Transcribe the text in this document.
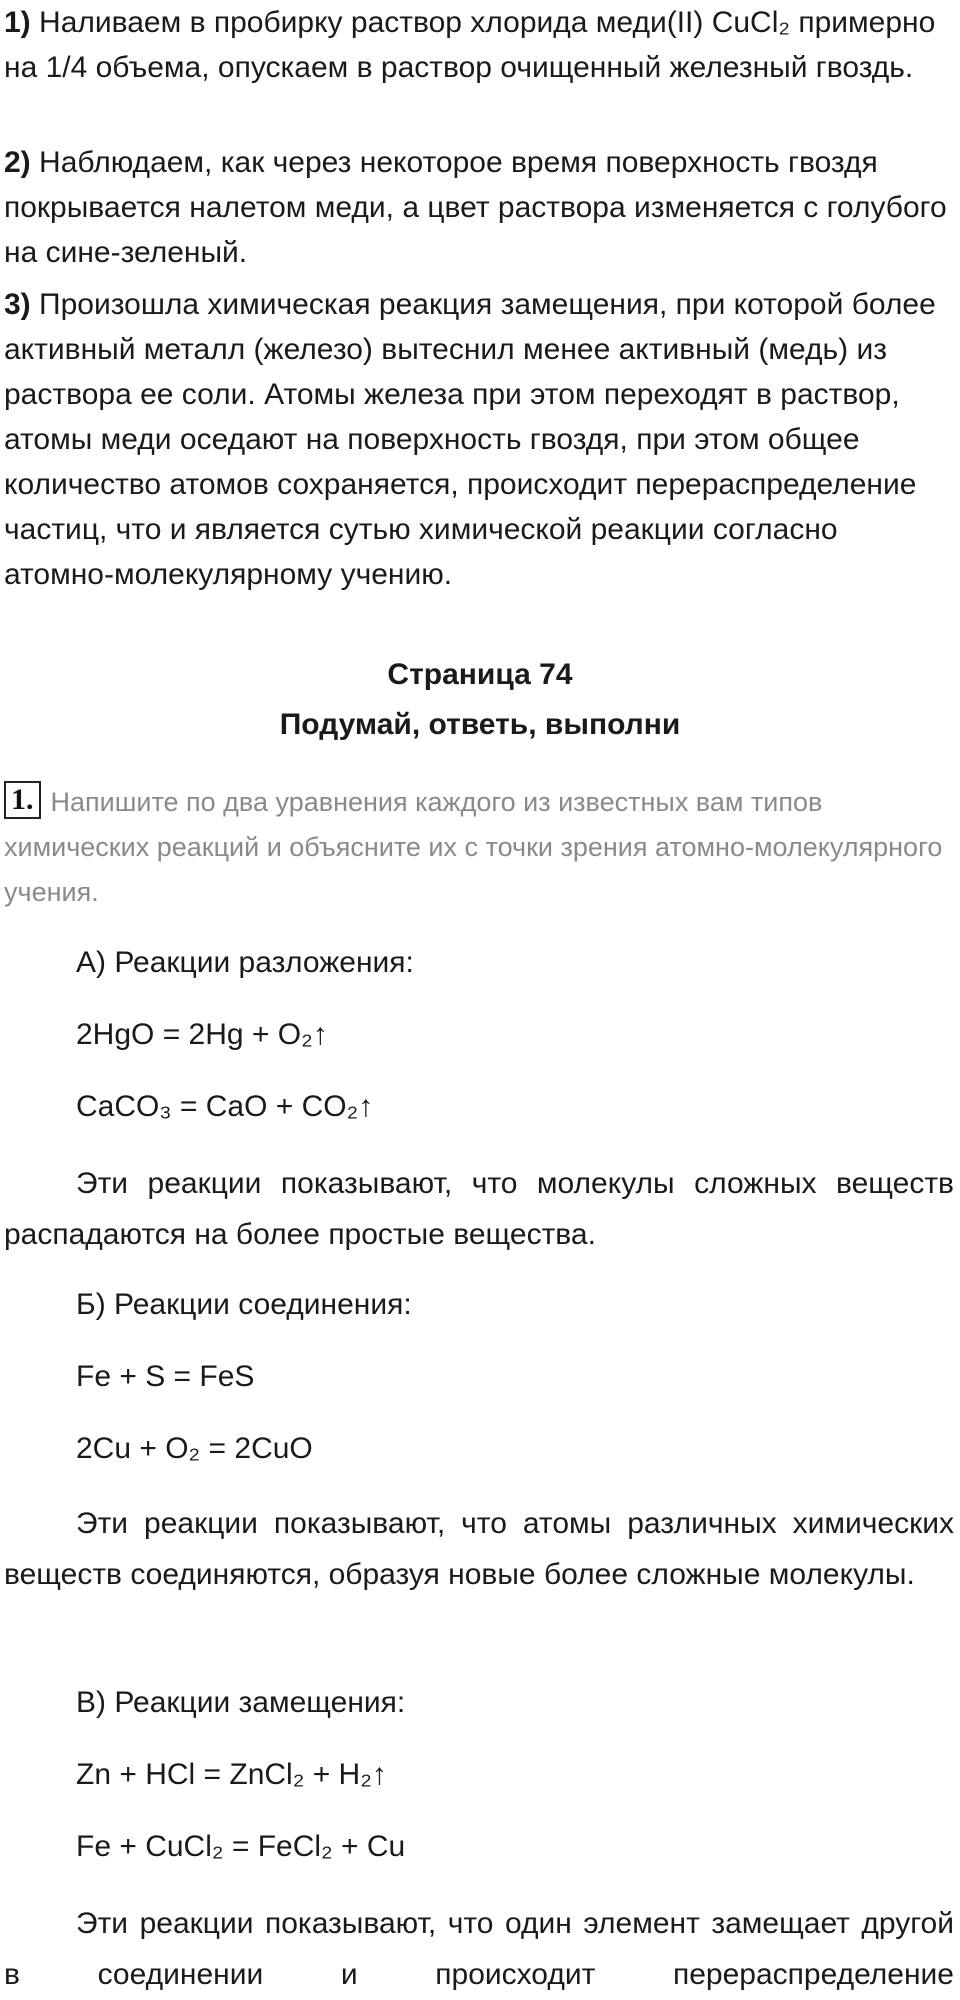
1) Наливаем в пробирку раствор хлорида меди(II) CuCl₂ примерно на 1/4 объема, опускаем в раствор очищенный железный гвоздь.

2) Наблюдаем, как через некоторое время поверхность гвоздя покрывается налетом меди, а цвет раствора изменяется с голубого на сине-зеленый.

3) Произошла химическая реакция замещения, при которой более активный металл (железо) вытеснил менее активный (медь) из раствора ее соли. Атомы железа при этом переходят в раствор, атомы меди оседают на поверхность гвоздя, при этом общее количество атомов сохраняется, происходит перераспределение частиц, что и является сутью химической реакции согласно атомно-молекулярному учению.

Страница 74
Подумай, ответь, выполни
1. Напишите по два уравнения каждого из известных вам типов химических реакций и объясните их с точки зрения атомно-молекулярного учения.
А) Реакции разложения:
2HgO = 2Hg + O₂↑
CaCO₃ = CaO + CO₂↑
Эти реакции показывают, что молекулы сложных веществ распадаются на более простые вещества.
Б) Реакции соединения:
Fe + S = FeS
2Cu + O₂ = 2CuO
Эти реакции показывают, что атомы различных химических веществ соединяются, образуя новые более сложные молекулы.
В) Реакции замещения:
Zn + HCl = ZnCl₂ + H₂↑
Fe + CuCl₂ = FeCl₂ + Cu
Эти реакции показывают, что один элемент замещает другой в соединении и происходит перераспределение
